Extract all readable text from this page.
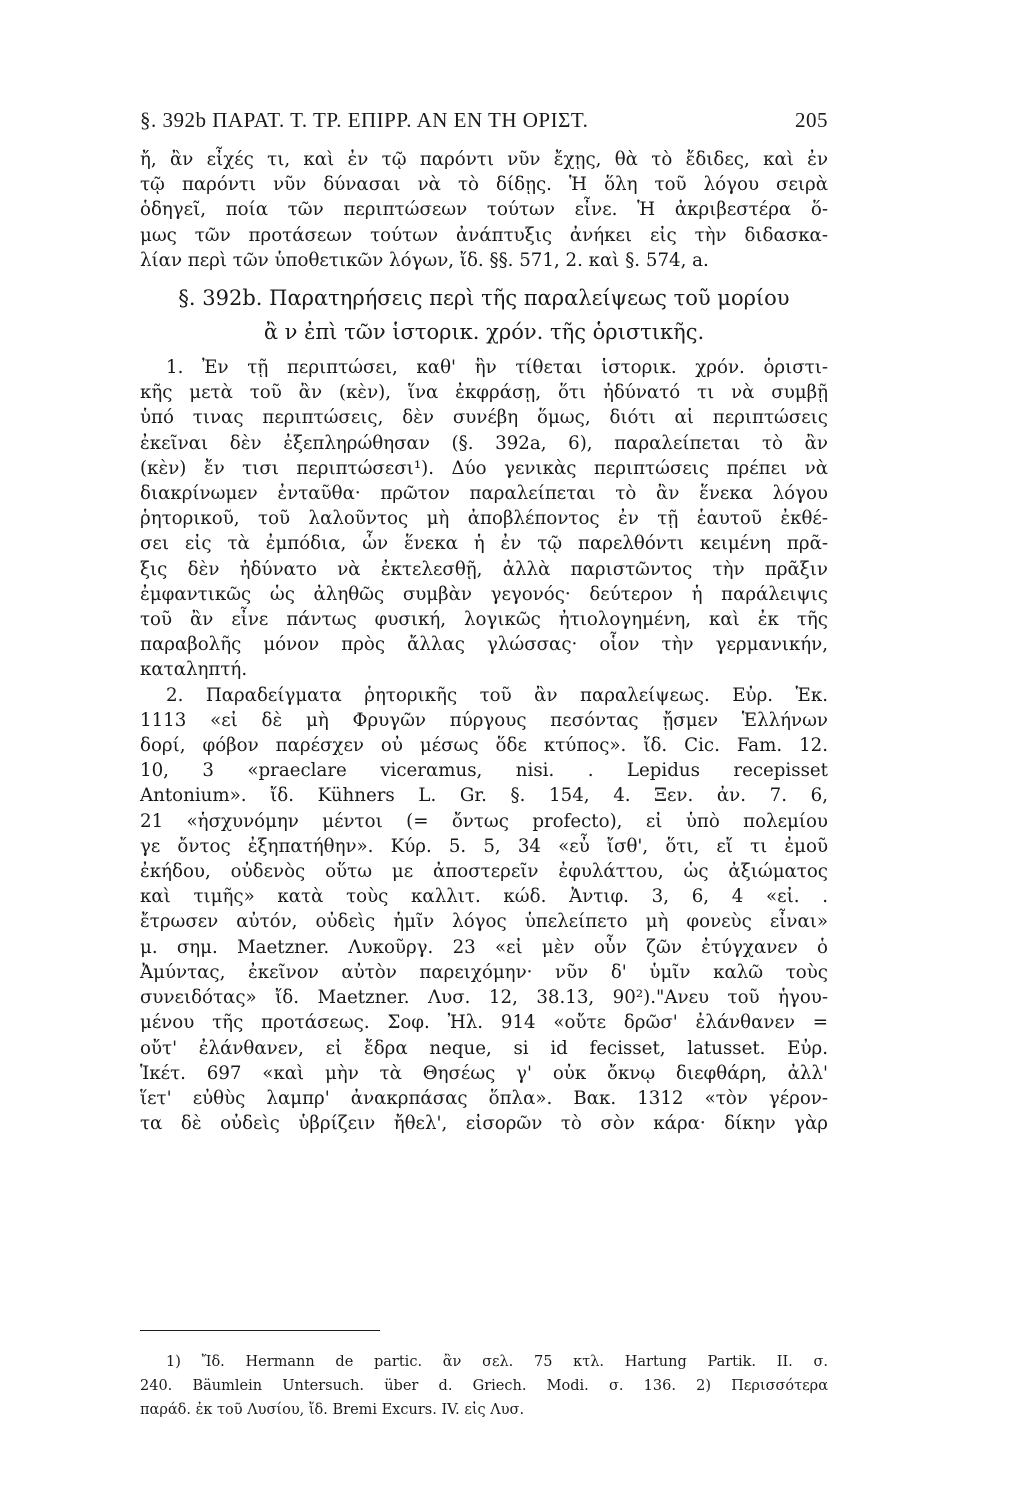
§. 392b ΠΑΡΑΤ. Τ. ΤΡ. ΕΠΙΡΡ. ΑΝ ΕΝ ΤΗ ΟΡΙΣΤ.	205
ἤ, ἂν εἶχές τι, καὶ ἐν τῷ παρόντι νῦν ἔχῃς, θὰ τὸ ἔδιδες, καὶ ἐν
τῷ παρόντι νῦν δύνασαι νὰ τὸ δίδῃς. Ἡ ὅλη τοῦ λόγου σειρὰ
ὁδηγεῖ, ποία τῶν περιπτώσεων τούτων εἶνε. Ἡ ἀκριβεστέρα ὅ-
μως τῶν προτάσεων τούτων ἀνάπτυξις ἀνήκει εἰς τὴν διδασκα-
λίαν περὶ τῶν ὑποθετικῶν λόγων, ἴδ. §§. 571, 2. καὶ §. 574, a.
§. 392b. Παρατηρήσεις περὶ τῆς παραλείψεως τοῦ μορίου
ἂ ν ἐπὶ τῶν ἱστορικ. χρόν. τῆς ὁριστικῆς.
1. Ἐν τῇ περιπτώσει, καθ' ἣν τίθεται ἱστορικ. χρόν. ὁριστι-
κῆς μετὰ τοῦ ἂν (κὲν), ἵνα ἐκφράσῃ, ὅτι ἠδύνατό τι νὰ συμβῇ
ὑπό τινας περιπτώσεις, δὲν συνέβη ὅμως, διότι αἱ περιπτώσεις
ἐκεῖναι δὲν ἐξεπληρώθησαν (§. 392a, 6), παραλείπεται τὸ ἂν
(κὲν) ἔν τισι περιπτώσεσι¹). Δύο γενικὰς περιπτώσεις πρέπει νὰ
διακρίνωμεν ἐνταῦθα· πρῶτον παραλείπεται τὸ ἂν ἕνεκα λόγου
ῥητορικοῦ, τοῦ λαλοῦντος μὴ ἀποβλέποντος ἐν τῇ ἑαυτοῦ ἐκθέ-
σει εἰς τὰ ἐμπόδια, ὧν ἕνεκα ἡ ἐν τῷ παρελθόντι κειμένη πρᾶ-
ξις δὲν ἠδύνατο νὰ ἐκτελεσθῇ, ἀλλὰ παριστῶντος τὴν πρᾶξιν
ἐμφαντικῶς ὡς ἀληθῶς συμβὰν γεγονός· δεύτερον ἡ παράλειψις
τοῦ ἂν εἶνε πάντως φυσική, λογικῶς ἠτιολογημένη, καὶ ἐκ τῆς
παραβολῆς μόνον πρὸς ἄλλας γλώσσας· οἷον τὴν γερμανικήν,
καταληπτή.
2. Παραδείγματα ῥητορικῆς τοῦ ἂν παραλείψεως. Εὐρ. Ἑκ.
1113 «εἰ δὲ μὴ Φρυγῶν πύργους πεσόντας ᾔσμεν Ἑλλήνων
δορί, φόβον παρέσχεν οὐ μέσως ὅδε κτύπος». ἴδ. Cic. Fam. 12.
10, 3 «praeclare vicerαmus, nisi. . Lepidus recepisset
Antonium». ἴδ. Kühners L. Gr. §. 154, 4. Ξεν. ἀν. 7. 6,
21 «ἡσχυνόμην μέντοι (= ὄντως profecto), εἰ ὑπὸ πολεμίου
γε ὄντος ἐξηπατήθην». Κύρ. 5. 5, 34 «εὖ ἴσθ', ὅτι, εἴ τι ἐμοῦ
ἐκήδου, οὐδενὸς οὕτω με ἀποστερεῖν ἐφυλάττου, ὡς ἀξιώματος
καὶ τιμῆς» κατὰ τοὺς καλλιτ. κώδ. Ἀντιφ. 3, 6, 4 «εἰ. .
ἔτρωσεν αὐτόν, οὐδεὶς ἡμῖν λόγος ὑπελείπετο μὴ φονεὺς εἶναι»
μ. σημ. Maetzner. Λυκοῦργ. 23 «εἰ μὲν οὖν ζῶν ἐτύγχανεν ὁ
Ἀμύντας, ἐκεῖνον αὐτὸν παρειχόμην· νῦν δ' ὑμῖν καλῶ τοὺς
συνειδότας» ἴδ. Maetzner. Λυσ. 12, 38.13, 90²)."Ανευ τοῦ ἡγου-
μένου τῆς προτάσεως. Σοφ. Ἠλ. 914 «οὔτε δρῶσ' ἐλάνθανεν =
οὔτ' ἐλάνθανεν, εἰ ἔδρα neque, si id fecisset, latusset. Εὐρ.
Ἱκέτ. 697 «καὶ μὴν τὰ Θησέως γ' οὐκ ὄκνῳ διεφθάρη, ἀλλ'
ἵετ' εὐθὺς λαμπρ' ἀνακρπάσας ὅπλα». Βακ. 1312 «τὸν γέρον-
τα δὲ οὐδεὶς ὑβρίζειν ἤθελ', εἰσορῶν τὸ σὸν κάρα· δίκην γὰρ
1) Ἴδ. Hermann de partic. ἂν σελ. 75 κτλ. Hartung Partik. II. σ.
240. Bäumlein Untersuch. über d. Griech. Modi. σ. 136. 2) Περισσότερα
παράδ. ἐκ τοῦ Λυσίου, ἴδ. Bremi Excurs. IV. εἰς Λυσ.
